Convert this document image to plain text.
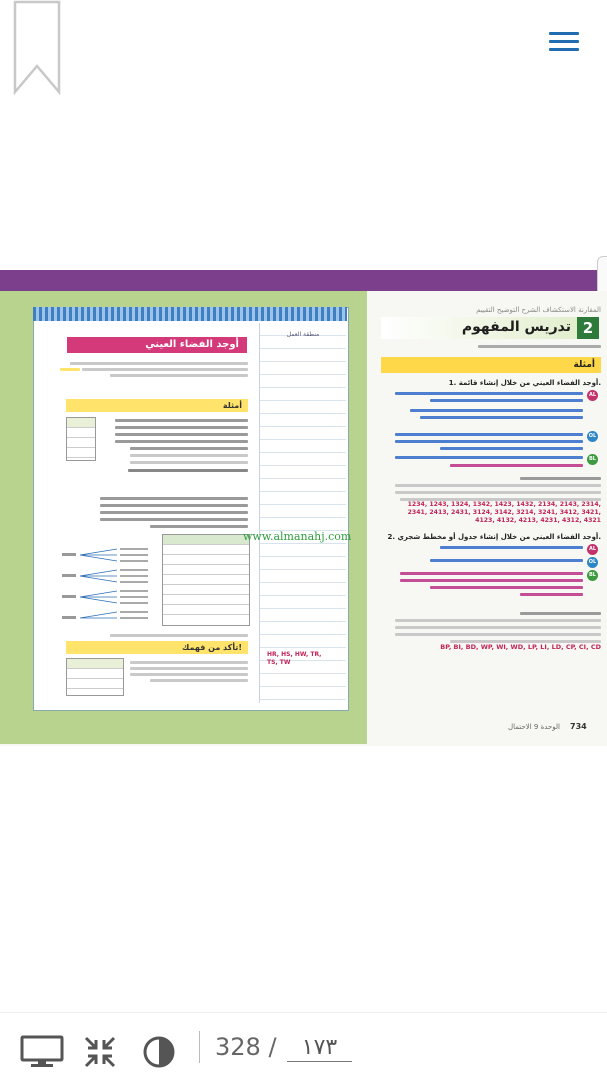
منطقة العمل
أوجد الفضاء العيني
أمثلة
تأكد من فهمك!
HR, HS, HW, TR,
TS, TW
www.almanahj.com
المقارنة الاستكشاف الشرح التوضيح التقييم
2
تدريس المفهوم
أمثلة
1. أوجد الفضاء العيني من خلال إنشاء قائمة.
AL
OL
BL
1234, 1243, 1324, 1342, 1423, 1432, 2134, 2143, 2314, 2341, 2413, 2431, 3124, 3142, 3214, 3241, 3412, 3421, 4123, 4132, 4213, 4231, 4312, 4321
2. أوجد الفضاء العيني من خلال إنشاء جدول أو مخطط شجري.
AL
OL
BL
BP, BI, BD, WP, WI, WD, LP, LI, LD, CP, CI, CD
734
الوحدة 9 الاحتمال
328 /
١٧٣
